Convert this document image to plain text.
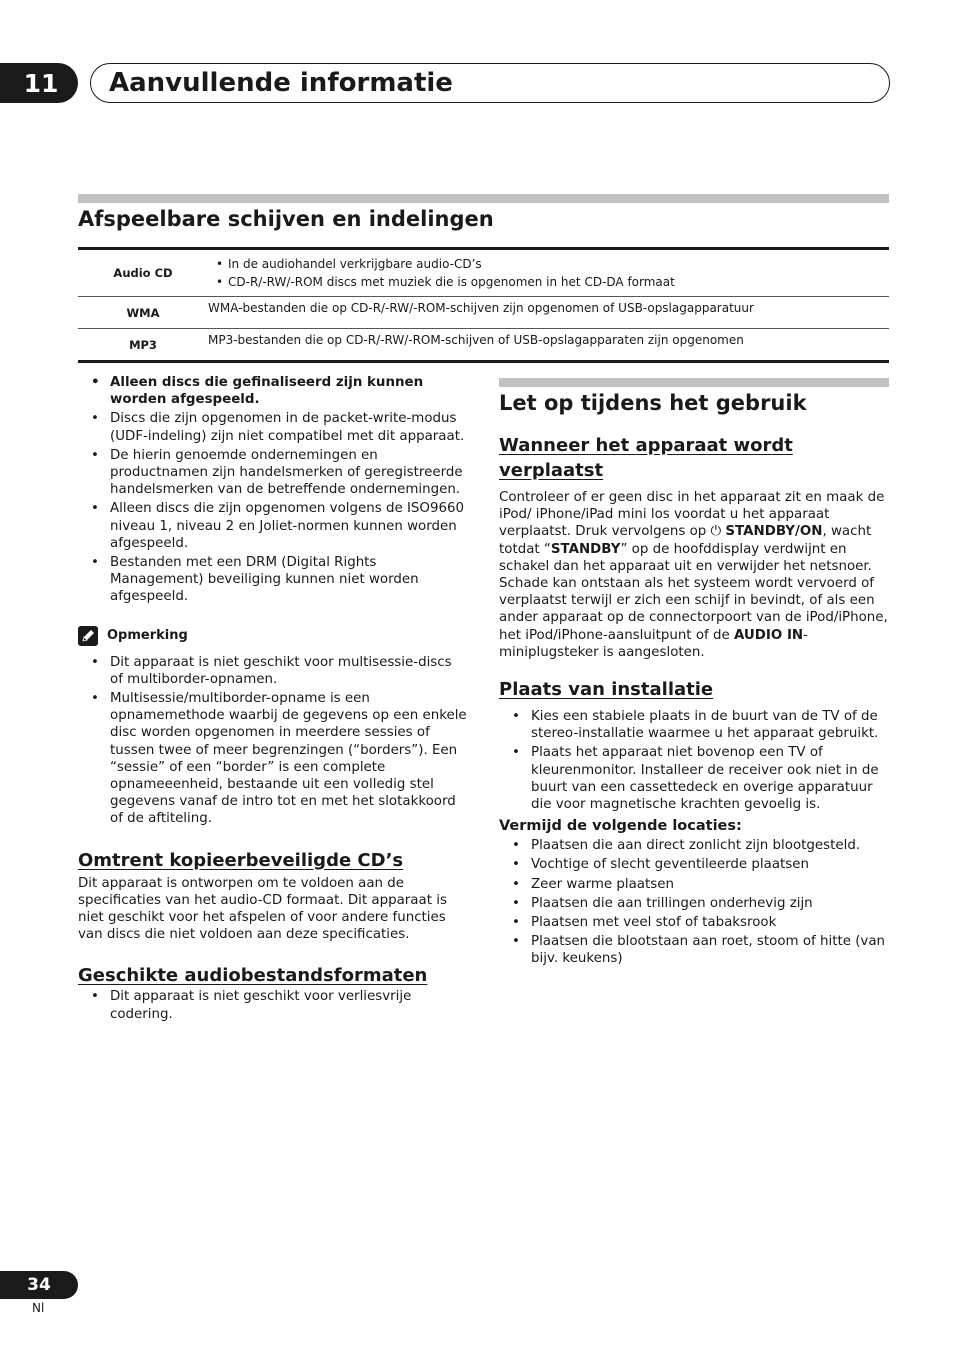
11	Aanvullende informatie
Afspeelbare schijven en indelingen
Audio CD	• In de audiohandel verkrijgbare audio-CD’s
• CD-R/-RW/-ROM discs met muziek die is opgenomen in het CD-DA formaat

WMA	WMA-bestanden die op CD-R/-RW/-ROM-schijven zijn opgenomen of USB-opslagapparatuur
MP3	MP3-bestanden die op CD-R/-RW/-ROM-schijven of USB-opslagapparaten zijn opgenomen
• Alleen discs die gefinaliseerd zijn kunnen worden afgespeeld.
• Discs die zijn opgenomen in de packet-write-modus (UDF-indeling) zijn niet compatibel met dit apparaat.
• De hierin genoemde ondernemingen en productnamen zijn handelsmerken of geregistreerde handelsmerken van de betreffende ondernemingen.
• Alleen discs die zijn opgenomen volgens de ISO9660 niveau 1, niveau 2 en Joliet-normen kunnen worden afgespeeld.
• Bestanden met een DRM (Digital Rights Management) beveiliging kunnen niet worden afgespeeld.
Opmerking
• Dit apparaat is niet geschikt voor multisessie-discs of multiborder-opnamen.
• Multisessie/multiborder-opname is een opnamemethode waarbij de gegevens op een enkele disc worden opgenomen in meerdere sessies of tussen twee of meer begrenzingen (“borders”). Een “sessie” of een “border” is een complete opnameeenheid, bestaande uit een volledig stel gegevens vanaf de intro tot en met het slotakkoord of de aftiteling.
Omtrent kopieerbeveiligde CD’s

Dit apparaat is ontworpen om te voldoen aan de specificaties van het audio-CD formaat. Dit apparaat is niet geschikt voor het afspelen of voor andere functies van discs die niet voldoen aan deze specificaties.

Geschikte audiobestandsformaten
• Dit apparaat is niet geschikt voor verliesvrije codering.
Let op tijdens het gebruik
Wanneer het apparaat wordt verplaatst

Controleer of er geen disc in het apparaat zit en maak de iPod/ iPhone/iPad mini los voordat u het apparaat verplaatst. Druk vervolgens op ⏻ STANDBY/ON, wacht totdat “STANDBY” op de hoofddisplay verdwijnt en schakel dan het apparaat uit en verwijder het netsnoer. Schade kan ontstaan als het systeem wordt vervoerd of verplaatst terwijl er zich een schijf in bevindt, of als een ander apparaat op de connectorpoort van de iPod/iPhone, het iPod/iPhone-aansluitpunt of de AUDIO IN-miniplugsteker is aangesloten.

Plaats van installatie
• Kies een stabiele plaats in de buurt van de TV of de stereo-installatie waarmee u het apparaat gebruikt.
• Plaats het apparaat niet bovenop een TV of kleurenmonitor. Installeer de receiver ook niet in de buurt van een cassettedeck en overige apparatuur die voor magnetische krachten gevoelig is.
Vermijd de volgende locaties:
• Plaatsen die aan direct zonlicht zijn blootgesteld.
• Vochtige of slecht geventileerde plaatsen
• Zeer warme plaatsen
• Plaatsen die aan trillingen onderhevig zijn
• Plaatsen met veel stof of tabaksrook
• Plaatsen die blootstaan aan roet, stoom of hitte (van bijv. keukens)
34
Nl
